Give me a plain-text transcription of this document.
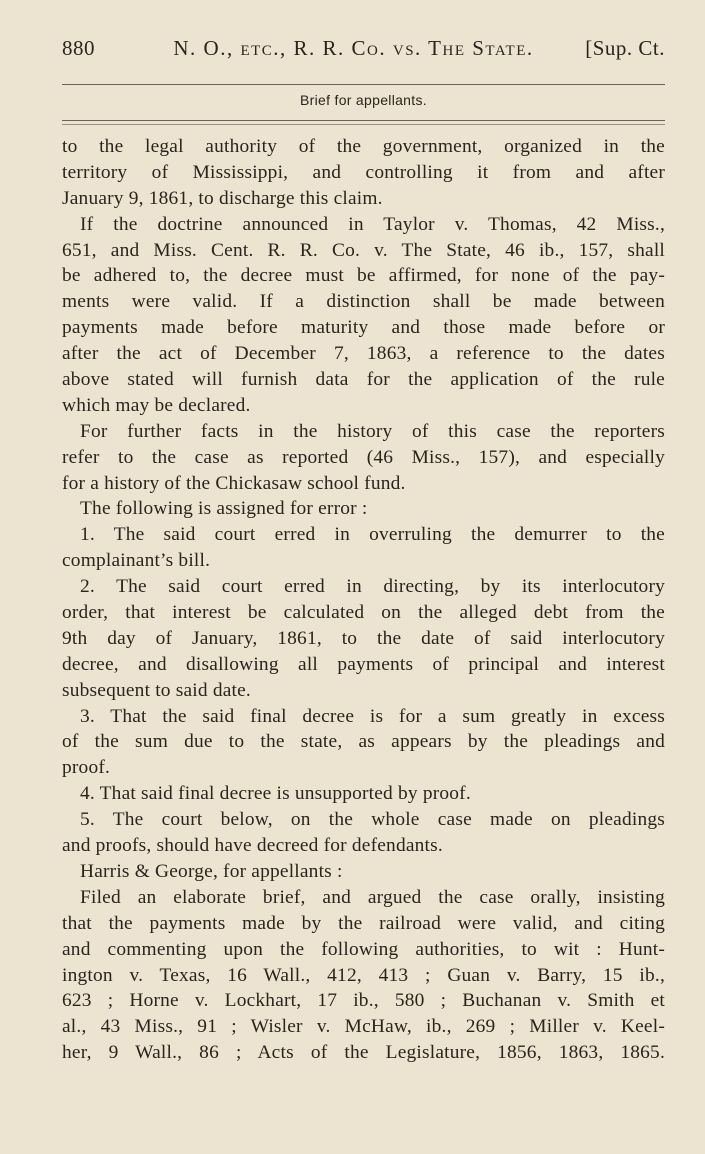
880	N. O., etc., R. R. Co. vs. The State.	[Sup. Ct.
Brief for appellants.
to the legal authority of the government, organized in the
territory of Mississippi, and controlling it from and after
January 9, 1861, to discharge this claim.
If the doctrine announced in Taylor v. Thomas, 42 Miss.,
651, and Miss. Cent. R. R. Co. v. The State, 46 ib., 157, shall
be adhered to, the decree must be affirmed, for none of the pay-
ments were valid. If a distinction shall be made between
payments made before maturity and those made before or
after the act of December 7, 1863, a reference to the dates
above stated will furnish data for the application of the rule
which may be declared.
For further facts in the history of this case the reporters
refer to the case as reported (46 Miss., 157), and especially
for a history of the Chickasaw school fund.
The following is assigned for error :
1. The said court erred in overruling the demurrer to the
complainant’s bill.
2. The said court erred in directing, by its interlocutory
order, that interest be calculated on the alleged debt from the
9th day of January, 1861, to the date of said interlocutory
decree, and disallowing all payments of principal and interest
subsequent to said date.
3. That the said final decree is for a sum greatly in excess
of the sum due to the state, as appears by the pleadings and
proof.
4. That said final decree is unsupported by proof.
5. The court below, on the whole case made on pleadings
and proofs, should have decreed for defendants.
Harris & George, for appellants :
Filed an elaborate brief, and argued the case orally, insisting
that the payments made by the railroad were valid, and citing
and commenting upon the following authorities, to wit : Hunt-
ington v. Texas, 16 Wall., 412, 413 ; Guan v. Barry, 15 ib.,
623 ; Horne v. Lockhart, 17 ib., 580 ; Buchanan v. Smith et
al., 43 Miss., 91 ; Wisler v. McHaw, ib., 269 ; Miller v. Keel-
her, 9 Wall., 86 ; Acts of the Legislature, 1856, 1863, 1865.
